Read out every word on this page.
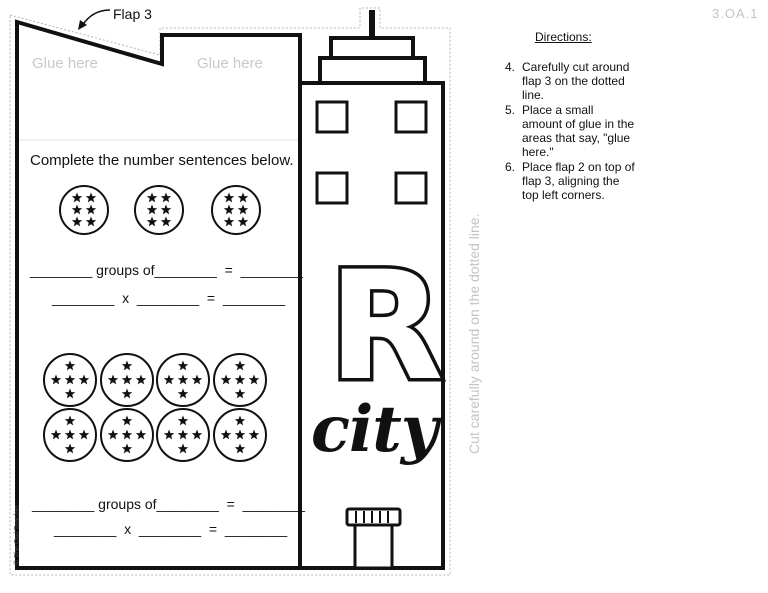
R
city
3.OA.1
Flap 3
Glue here	Glue here
Complete the number sentences below.
________ groups of________  =  ________
________  x  ________  =  ________
________ groups of________  =  ________
________  x  ________  =  ________
© The Owl Teacher
Cut carefully around on the dotted line.
Directions:
4. Carefully cut around flap 3 on the dotted line.
5. Place a small amount of glue in the areas that say, "glue here."
6. Place flap 2 on top of flap 3, aligning the top left corners.
